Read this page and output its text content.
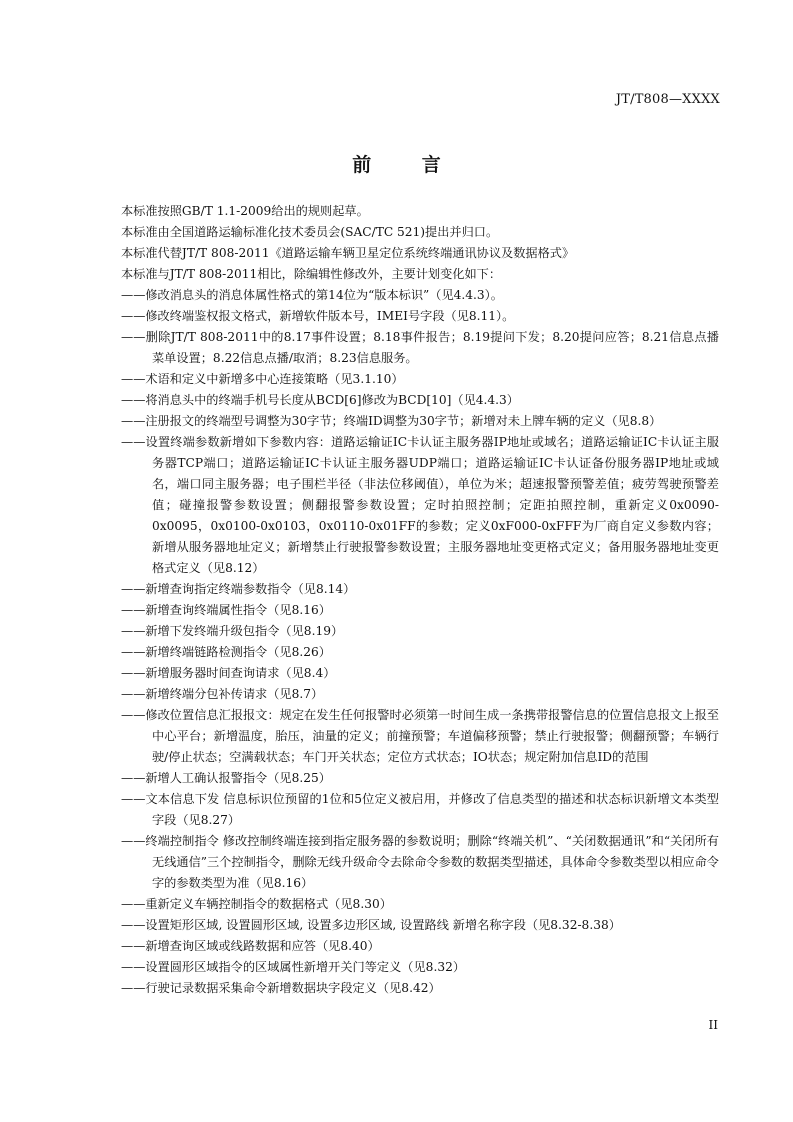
JT/T808—XXXX
前 言

本标准按照GB/T 1.1-2009给出的规则起草。

本标准由全国道路运输标准化技术委员会(SAC/TC 521)提出并归口。

本标准代替JT/T 808-2011《道路运输车辆卫星定位系统终端通讯协议及数据格式》

本标准与JT/T 808-2011相比，除编辑性修改外，主要计划变化如下：

——修改消息头的消息体属性格式的第14位为“版本标识”（见4.4.3）。

——修改终端鉴权报文格式，新增软件版本号，IMEI号字段（见8.11）。

——删除JT/T 808-2011中的8.17事件设置；8.18事件报告；8.19提问下发；8.20提问应答；8.21信息点播菜单设置；8.22信息点播/取消；8.23信息服务。

——术语和定义中新增多中心连接策略（见3.1.10）

——将消息头中的终端手机号长度从BCD[6]修改为BCD[10]（见4.4.3）

——注册报文的终端型号调整为30字节；终端ID调整为30字节；新增对未上牌车辆的定义（见8.8）

——设置终端参数新增如下参数内容：道路运输证IC卡认证主服务器IP地址或域名；道路运输证IC卡认证主服务器TCP端口；道路运输证IC卡认证主服务器UDP端口；道路运输证IC卡认证备份服务器IP地址或域名，端口同主服务器；电子围栏半径（非法位移阈值），单位为米；超速报警预警差值；疲劳驾驶预警差值；碰撞报警参数设置；侧翻报警参数设置；定时拍照控制；定距拍照控制，重新定义0x0090-0x0095，0x0100-0x0103，0x0110-0x01FF的参数；定义0xF000-0xFFF为厂商自定义参数内容；新增从服务器地址定义；新增禁止行驶报警参数设置；主服务器地址变更格式定义；备用服务器地址变更格式定义（见8.12）

——新增查询指定终端参数指令（见8.14）

——新增查询终端属性指令（见8.16）

——新增下发终端升级包指令（见8.19）

——新增终端链路检测指令（见8.26）

——新增服务器时间查询请求（见8.4）

——新增终端分包补传请求（见8.7）

——修改位置信息汇报报文：规定在发生任何报警时必须第一时间生成一条携带报警信息的位置信息报文上报至中心平台；新增温度，胎压，油量的定义；前撞预警；车道偏移预警；禁止行驶报警；侧翻预警；车辆行驶/停止状态；空满载状态；车门开关状态；定位方式状态；IO状态；规定附加信息ID的范围

——新增人工确认报警指令（见8.25）

——文本信息下发 信息标识位预留的1位和5位定义被启用，并修改了信息类型的描述和状态标识新增文本类型字段（见8.27）

——终端控制指令 修改控制终端连接到指定服务器的参数说明；删除“终端关机”、“关闭数据通讯”和“关闭所有无线通信”三个控制指令，删除无线升级命令去除命令参数的数据类型描述，具体命令参数类型以相应命令字的参数类型为准（见8.16）

——重新定义车辆控制指令的数据格式（见8.30）

——设置矩形区域, 设置圆形区域, 设置多边形区域, 设置路线 新增名称字段（见8.32-8.38）

——新增查询区域或线路数据和应答（见8.40）

——设置圆形区域指令的区域属性新增开关门等定义（见8.32）

——行驶记录数据采集命令新增数据块字段定义（见8.42）

II
